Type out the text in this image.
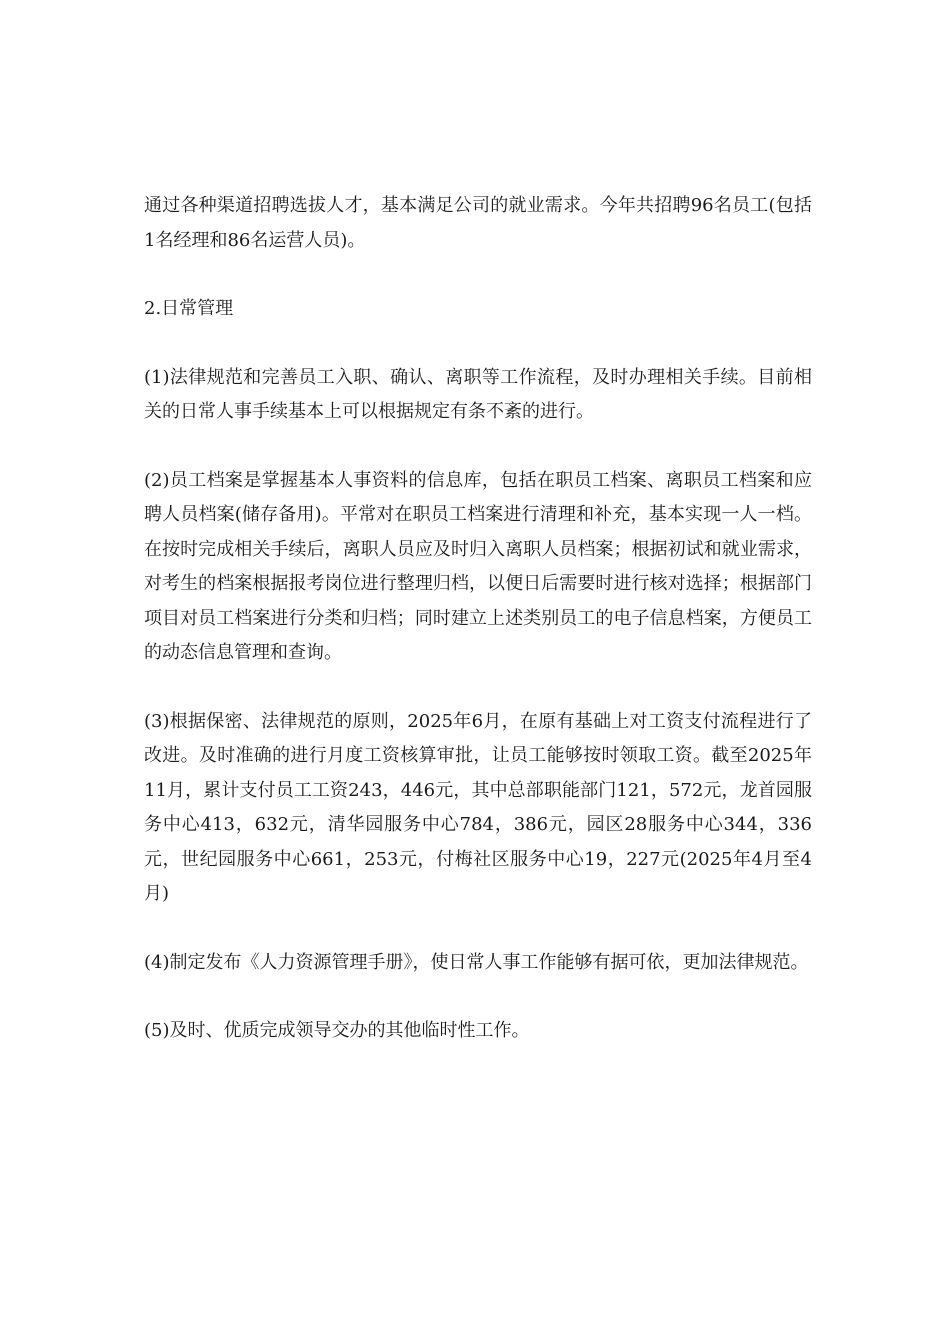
通过各种渠道招聘选拔人才，基本满足公司的就业需求。今年共招聘96名员工(包括1名经理和86名运营人员)。

2.日常管理

(1)法律规范和完善员工入职、确认、离职等工作流程，及时办理相关手续。目前相关的日常人事手续基本上可以根据规定有条不紊的进行。

(2)员工档案是掌握基本人事资料的信息库，包括在职员工档案、离职员工档案和应聘人员档案(储存备用)。平常对在职员工档案进行清理和补充，基本实现一人一档。在按时完成相关手续后，离职人员应及时归入离职人员档案；根据初试和就业需求，对考生的档案根据报考岗位进行整理归档，以便日后需要时进行核对选择；根据部门项目对员工档案进行分类和归档；同时建立上述类别员工的电子信息档案，方便员工的动态信息管理和查询。

(3)根据保密、法律规范的原则，2025年6月，在原有基础上对工资支付流程进行了改进。及时准确的进行月度工资核算审批，让员工能够按时领取工资。截至2025年11月，累计支付员工工资243，446元，其中总部职能部门121，572元，龙首园服务中心413，632元，清华园服务中心784，386元，园区28服务中心344，336元，世纪园服务中心661，253元，付梅社区服务中心19，227元(2025年4月至4月)

(4)制定发布《人力资源管理手册》，使日常人事工作能够有据可依，更加法律规范。

(5)及时、优质完成领导交办的其他临时性工作。
